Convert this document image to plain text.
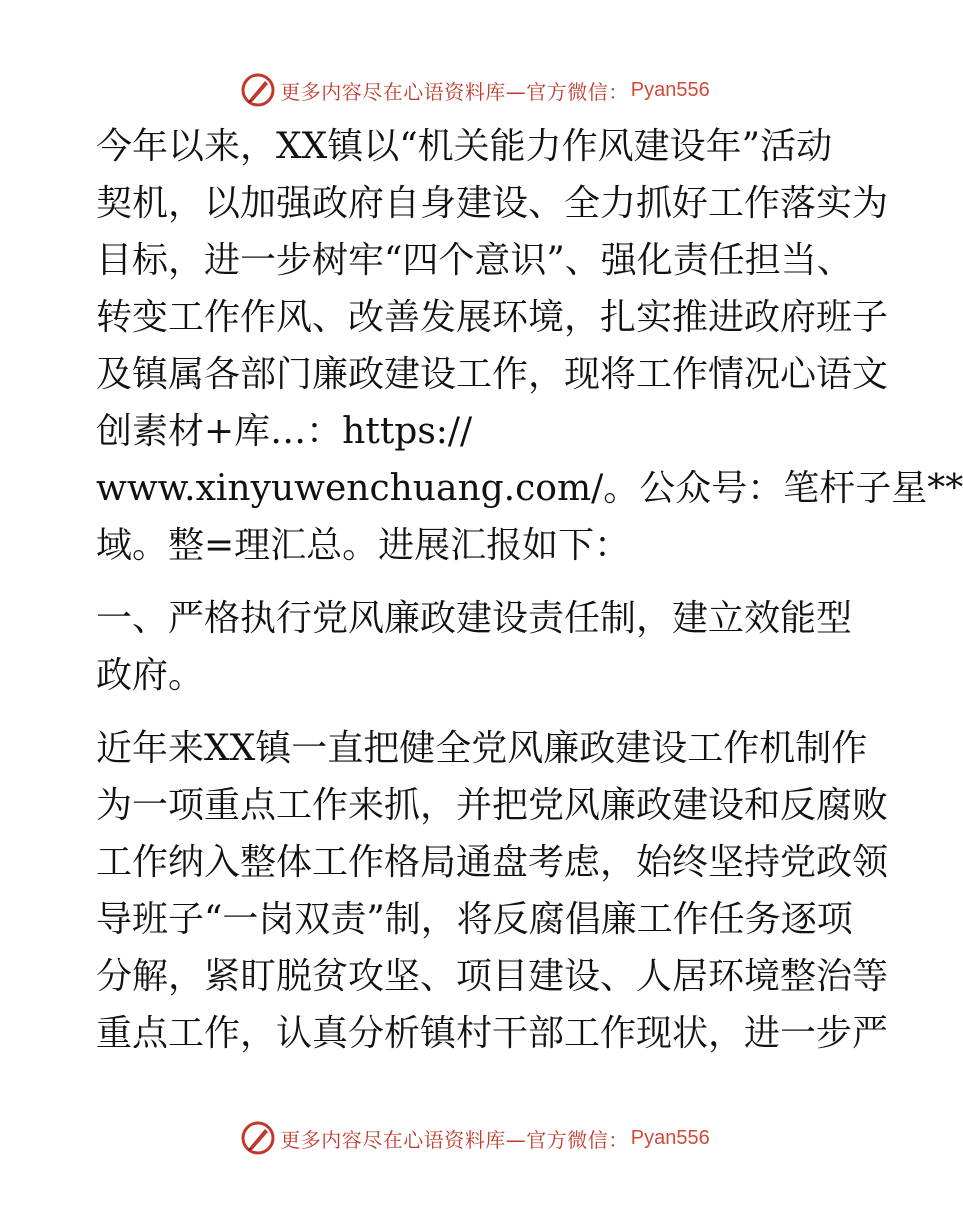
更多内容尽在心语资料库—官方微信： Pyan556
今年以来，XX镇以“机关能力作风建设年”活动
契机，以加强政府自身建设、全力抓好工作落实为
目标，进一步树牢“四个意识”、强化责任担当、
转变工作作风、改善发展环境，扎实推进政府班子
及镇属各部门廉政建设工作，现将工作情况心语文
创素材+库…：https://
www.xinyuwenchuang.com/。公众号：笔杆子星**
域。整=理汇总。进展汇报如下：
一、严格执行党风廉政建设责任制，建立效能型
政府。
近年来XX镇一直把健全党风廉政建设工作机制作
为一项重点工作来抓，并把党风廉政建设和反腐败
工作纳入整体工作格局通盘考虑，始终坚持党政领
导班子“一岗双责”制，将反腐倡廉工作任务逐项
分解，紧盯脱贫攻坚、项目建设、人居环境整治等
重点工作，认真分析镇村干部工作现状，进一步严
更多内容尽在心语资料库—官方微信： Pyan556
